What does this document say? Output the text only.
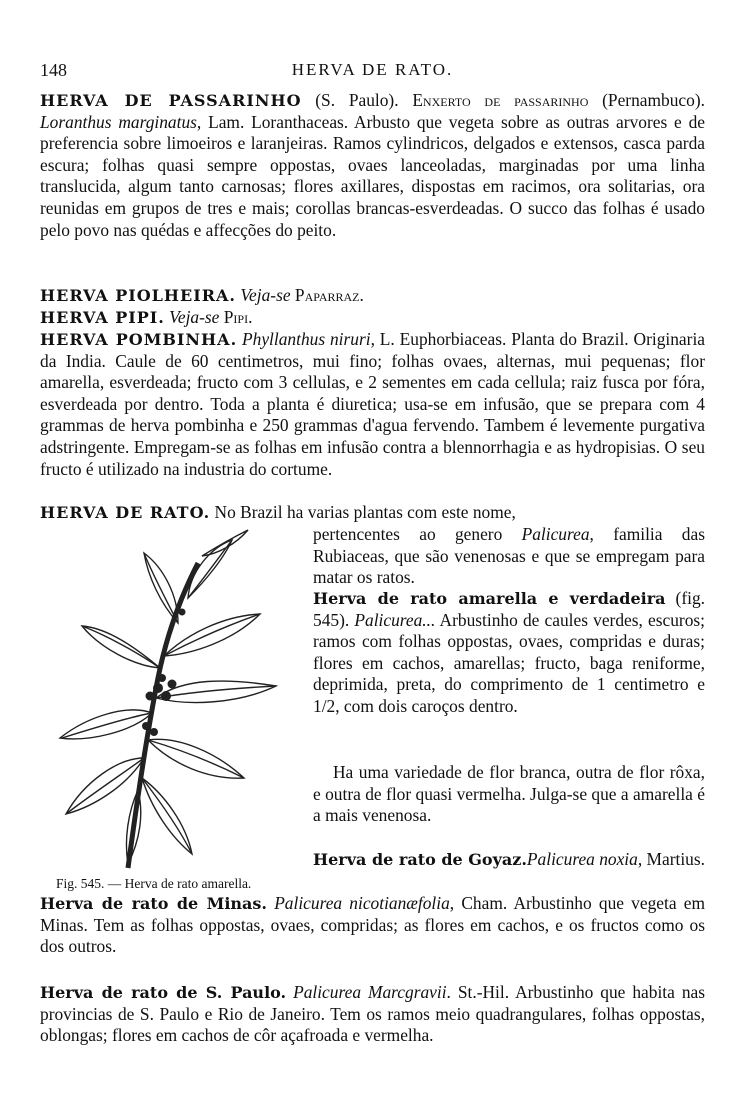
148	HERVA DE RATO.

HERVA DE PASSARINHO (S. Paulo). Enxerto de passarinho (Pernambuco). Loranthus marginatus, Lam. Loranthaceas. Arbusto que vegeta sobre as outras arvores e de preferencia sobre limoeiros e laranjeiras. Ramos cylindricos, delgados e extensos, casca parda escura; folhas quasi sempre oppostas, ovaes lanceoladas, marginadas por uma linha translucida, algum tanto carnosas; flores axillares, dispostas em racimos, ora solitarias, ora reunidas em grupos de tres e mais; corollas brancas-esverdeadas. O succo das folhas é usado pelo povo nas quédas e affecções do peito.

HERVA PIOLHEIRA. Veja-se Paparraz.

HERVA PIPI. Veja-se Pipi.

HERVA POMBINHA. Phyllanthus niruri, L. Euphorbiaceas. Planta do Brazil. Originaria da India. Caule de 60 centimetros, mui fino; folhas ovaes, alternas, mui pequenas; flor amarella, esverdeada; fructo com 3 cellulas, e 2 sementes em cada cellula; raiz fusca por fóra, esverdeada por dentro. Toda a planta é diuretica; usa-se em infusão, que se prepara com 4 grammas de herva pombinha e 250 grammas d'agua fervendo. Tambem é levemente purgativa adstringente. Empregam-se as folhas em infusão contra a blennorrhagia e as hydropisias. O seu fructo é utilizado na industria do cortume.

HERVA DE RATO. No Brazil ha varias plantas com este nome,

pertencentes ao genero Palicurea, familia das Rubiaceas, que são venenosas e que se empregam para matar os ratos.

Fig. 545. — Herva de rato amarella.

Herva de rato amarella e verdadeira (fig. 545). Palicurea... Arbustinho de caules verdes, escuros; ramos com folhas oppostas, ovaes, compridas e duras; flores em cachos, amarellas; fructo, baga reniforme, deprimida, preta, do comprimento de 1 centimetro e 1/2, com dois caroços dentro.

Ha uma variedade de flor branca, outra de flor rôxa, e outra de flor quasi vermelha. Julga-se que a amarella é a mais venenosa.

Herva de rato de Goyaz.Palicurea noxia, Martius.

Herva de rato de Minas. Palicurea nicotianæfolia, Cham. Arbustinho que vegeta em Minas. Tem as folhas oppostas, ovaes, compridas; as flores em cachos, e os fructos como os dos outros.

Herva de rato de S. Paulo. Palicurea Marcgravii. St.-Hil. Arbustinho que habita nas provincias de S. Paulo e Rio de Janeiro. Tem os ramos meio quadrangulares, folhas oppostas, oblongas; flores em cachos de côr açafroada e vermelha.
